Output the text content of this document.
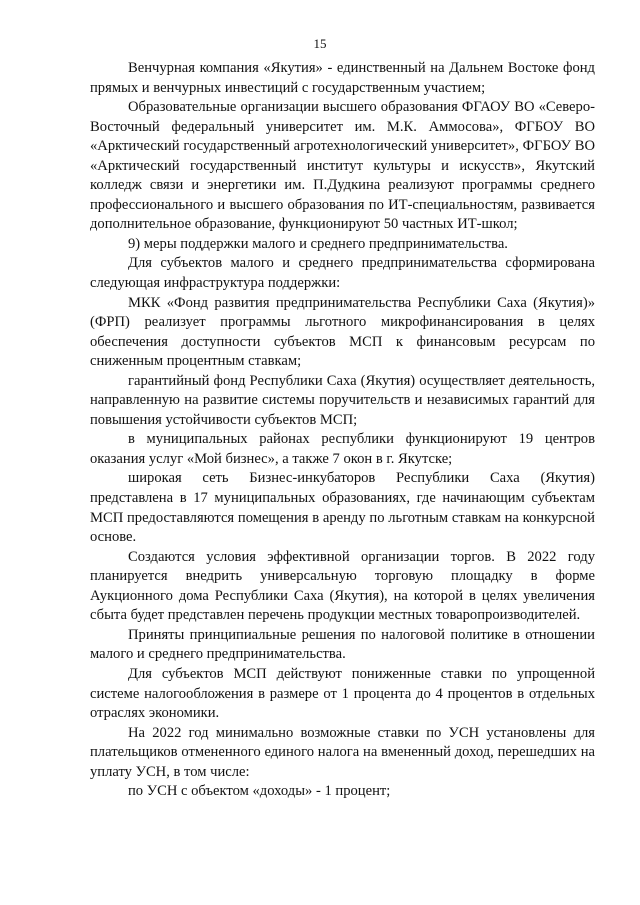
15

Венчурная компания «Якутия» - единственный на Дальнем Востоке фонд прямых и венчурных инвестиций с государственным участием;

Образовательные организации высшего образования ФГАОУ ВО «Северо-Восточный федеральный университет им. М.К. Аммосова», ФГБОУ ВО «Арктический государственный агротехнологический университет», ФГБОУ ВО «Арктический государственный институт культуры и искусств», Якутский колледж связи и энергетики им. П.Дудкина реализуют программы среднего профессионального и высшего образования по ИТ-специальностям, развивается дополнительное образование, функционируют 50 частных ИТ-школ;

9) меры поддержки малого и среднего предпринимательства.

Для субъектов малого и среднего предпринимательства сформирована следующая инфраструктура поддержки:

МКК «Фонд развития предпринимательства Республики Саха (Якутия)» (ФРП) реализует программы льготного микрофинансирования в целях обеспечения доступности субъектов МСП к финансовым ресурсам по сниженным процентным ставкам;

гарантийный фонд Республики Саха (Якутия) осуществляет деятельность, направленную на развитие системы поручительств и независимых гарантий для повышения устойчивости субъектов МСП;

в муниципальных районах республики функционируют 19 центров оказания услуг «Мой бизнес», а также 7 окон в г. Якутске;

широкая сеть Бизнес-инкубаторов Республики Саха (Якутия) представлена в 17 муниципальных образованиях, где начинающим субъектам МСП предоставляются помещения в аренду по льготным ставкам на конкурсной основе.

Создаются условия эффективной организации торгов. В 2022 году планируется внедрить универсальную торговую площадку в форме Аукционного дома Республики Саха (Якутия), на которой в целях увеличения сбыта будет представлен перечень продукции местных товаропроизводителей.

Приняты принципиальные решения по налоговой политике в отношении малого и среднего предпринимательства.

Для субъектов МСП действуют пониженные ставки по упрощенной системе налогообложения в размере от 1 процента до 4 процентов в отдельных отраслях экономики.

На 2022 год минимально возможные ставки по УСН установлены для плательщиков отмененного единого налога на вмененный доход, перешедших на уплату УСН, в том числе:

по УСН с объектом «доходы» - 1 процент;
